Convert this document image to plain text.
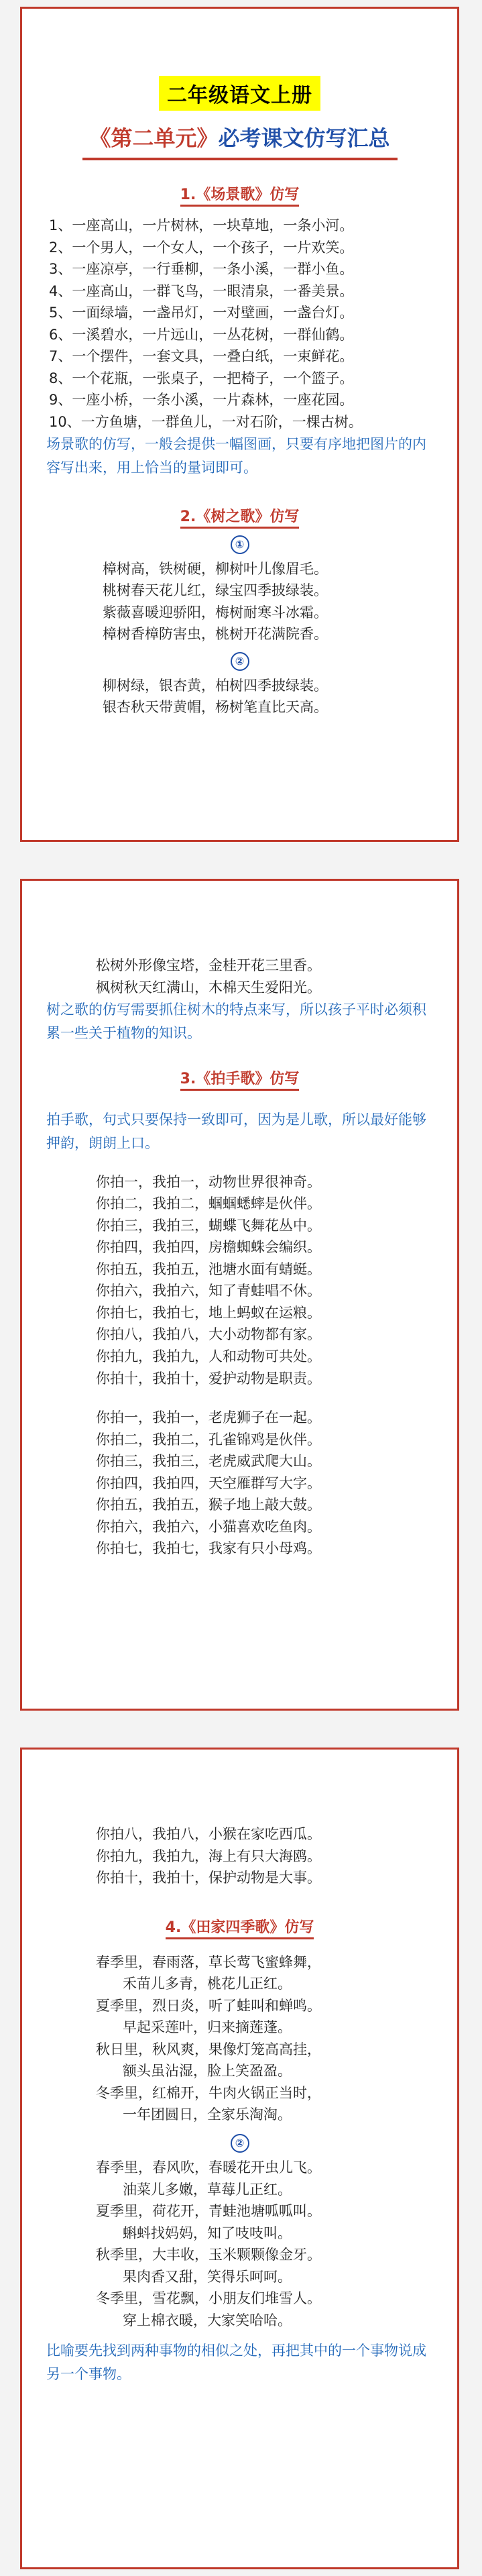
二年级语文上册
《第二单元》必考课文仿写汇总
1.《场景歌》仿写
1、一座高山，一片树林，一块草地，一条小河。
2、一个男人，一个女人，一个孩子，一片欢笑。
3、一座凉亭，一行垂柳，一条小溪，一群小鱼。
4、一座高山，一群飞鸟，一眼清泉，一番美景。
5、一面绿墙，一盏吊灯，一对壁画，一盏台灯。
6、一溪碧水，一片远山，一丛花树，一群仙鹤。
7、一个摆件，一套文具，一叠白纸，一束鲜花。
8、一个花瓶，一张桌子，一把椅子，一个篮子。
9、一座小桥，一条小溪，一片森林，一座花园。
10、一方鱼塘，一群鱼儿，一对石阶，一棵古树。
场景歌的仿写，一般会提供一幅图画，只要有序地把图片的内容写出来，用上恰当的量词即可。
2.《树之歌》仿写
①
樟树高，铁树硬，柳树叶儿像眉毛。
桃树春天花儿红，绿宝四季披绿装。
紫薇喜暖迎骄阳，梅树耐寒斗冰霜。
樟树香樟防害虫，桃树开花满院香。
②
柳树绿，银杏黄，柏树四季披绿装。
银杏秋天带黄帽，杨树笔直比天高。
松树外形像宝塔，金桂开花三里香。
枫树秋天红满山，木棉天生爱阳光。
树之歌的仿写需要抓住树木的特点来写，所以孩子平时必须积累一些关于植物的知识。
3.《拍手歌》仿写
拍手歌，句式只要保持一致即可，因为是儿歌，所以最好能够押韵，朗朗上口。
你拍一，我拍一，动物世界很神奇。
你拍二，我拍二，蝈蝈蟋蟀是伙伴。
你拍三，我拍三，蝴蝶飞舞花丛中。
你拍四，我拍四，房檐蜘蛛会编织。
你拍五，我拍五，池塘水面有蜻蜓。
你拍六，我拍六，知了青蛙唱不休。
你拍七，我拍七，地上蚂蚁在运粮。
你拍八，我拍八，大小动物都有家。
你拍九，我拍九，人和动物可共处。
你拍十，我拍十，爱护动物是职责。
你拍一，我拍一，老虎狮子在一起。
你拍二，我拍二，孔雀锦鸡是伙伴。
你拍三，我拍三，老虎威武爬大山。
你拍四，我拍四，天空雁群写大字。
你拍五，我拍五，猴子地上敲大鼓。
你拍六，我拍六，小猫喜欢吃鱼肉。
你拍七，我拍七，我家有只小母鸡。
你拍八，我拍八，小猴在家吃西瓜。
你拍九，我拍九，海上有只大海鸥。
你拍十，我拍十，保护动物是大事。
4.《田家四季歌》仿写
春季里，春雨落，草长莺飞蜜蜂舞，
禾苗儿多青，桃花儿正红。
夏季里，烈日炎，听了蛙叫和蝉鸣。
早起采莲叶，归来摘莲蓬。
秋日里，秋风爽，果像灯笼高高挂，
额头虽沾湿，脸上笑盈盈。
冬季里，红棉开，牛肉火锅正当时，
一年团圆日，全家乐淘淘。
②
春季里，春风吹，春暖花开虫儿飞。
油菜儿多嫩，草莓儿正红。
夏季里，荷花开，青蛙池塘呱呱叫。
蝌蚪找妈妈，知了吱吱叫。
秋季里，大丰收，玉米颗颗像金牙。
果肉香又甜，笑得乐呵呵。
冬季里，雪花飘，小朋友们堆雪人。
穿上棉衣暖，大家笑哈哈。
比喻要先找到两种事物的相似之处，再把其中的一个事物说成另一个事物。
